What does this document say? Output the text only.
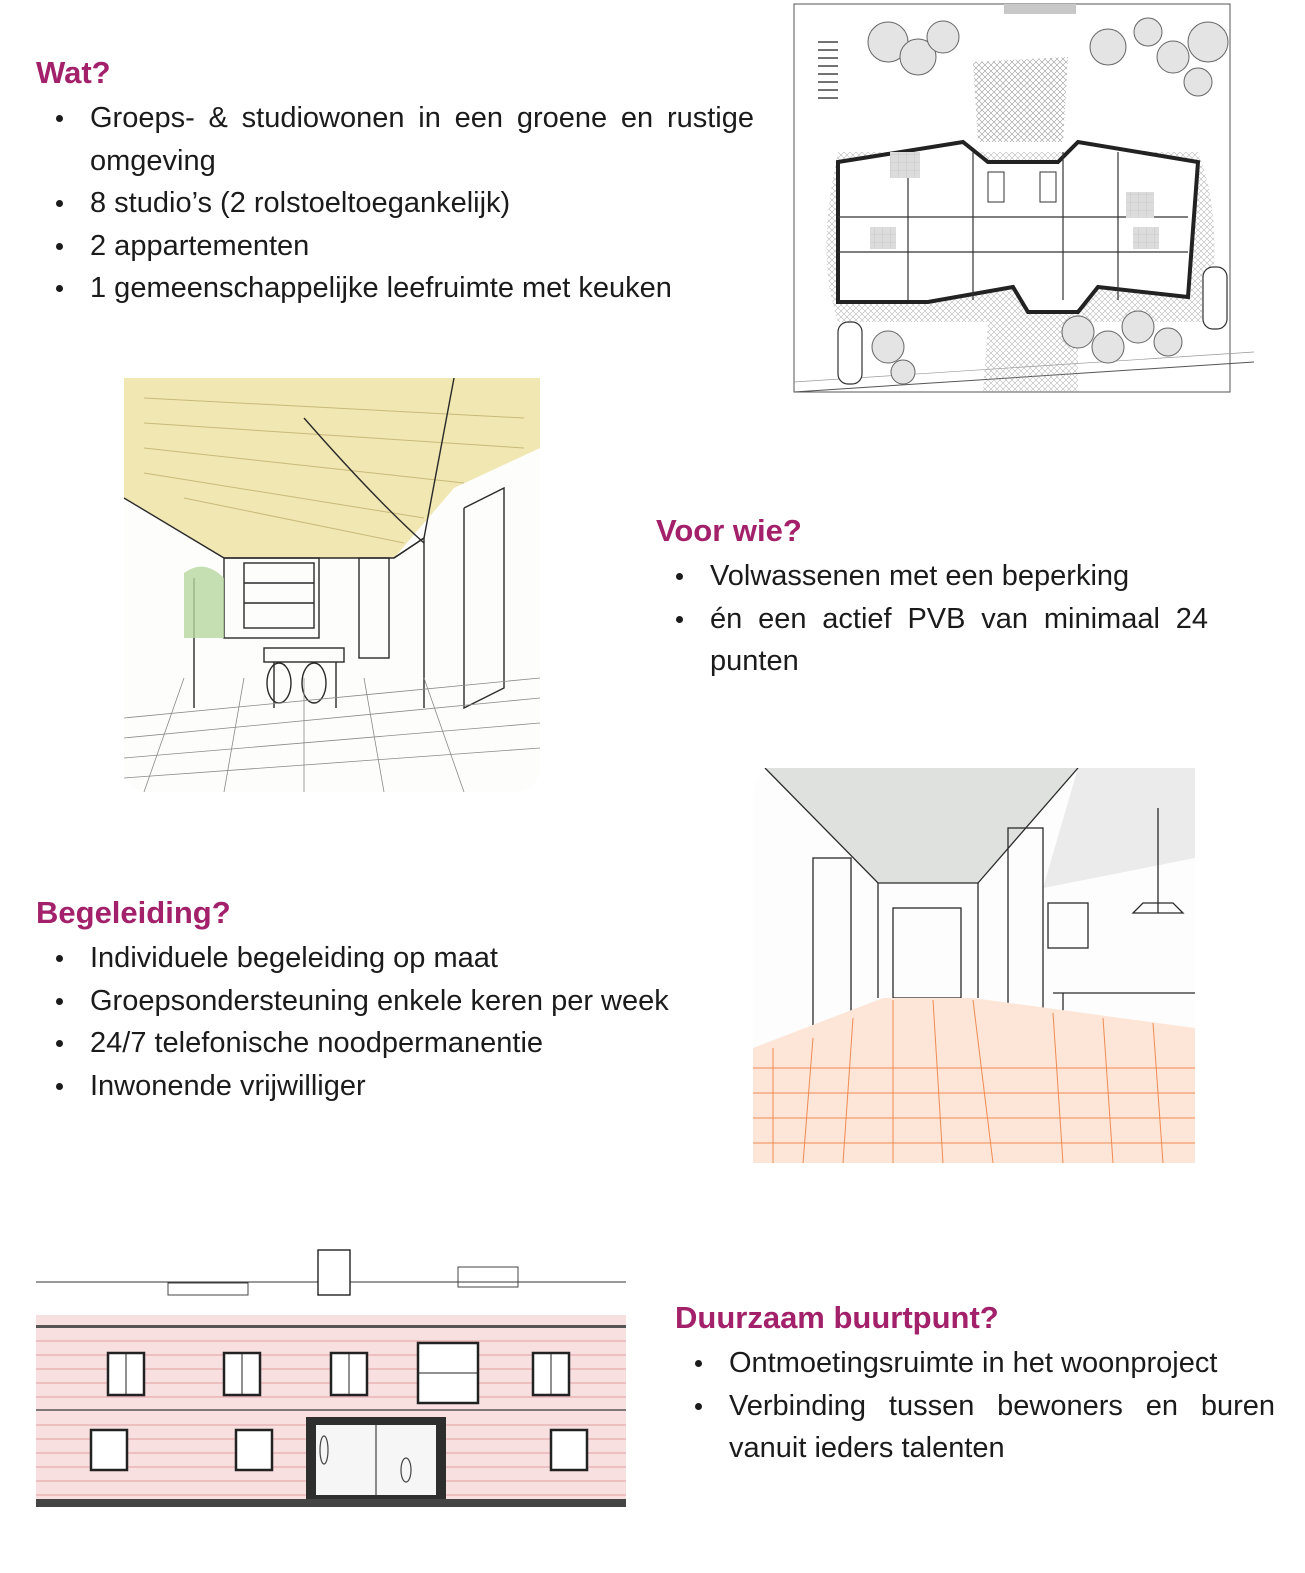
Wat?
Groeps- & studiowonen in een groene en rustige omgeving
8 studio’s (2 rolstoeltoegankelijk)
2 appartementen
1 gemeenschappelijke leefruimte met keuken
Voor wie?
Volwassenen met een beperking
én een actief PVB van minimaal 24 punten
Begeleiding?
Individuele begeleiding op maat
Groepsondersteuning enkele keren per week
24/7 telefonische noodpermanentie
Inwonende vrijwilliger
Duurzaam buurtpunt?
Ontmoetingsruimte in het woonproject
Verbinding tussen bewoners en buren vanuit ieders talenten
